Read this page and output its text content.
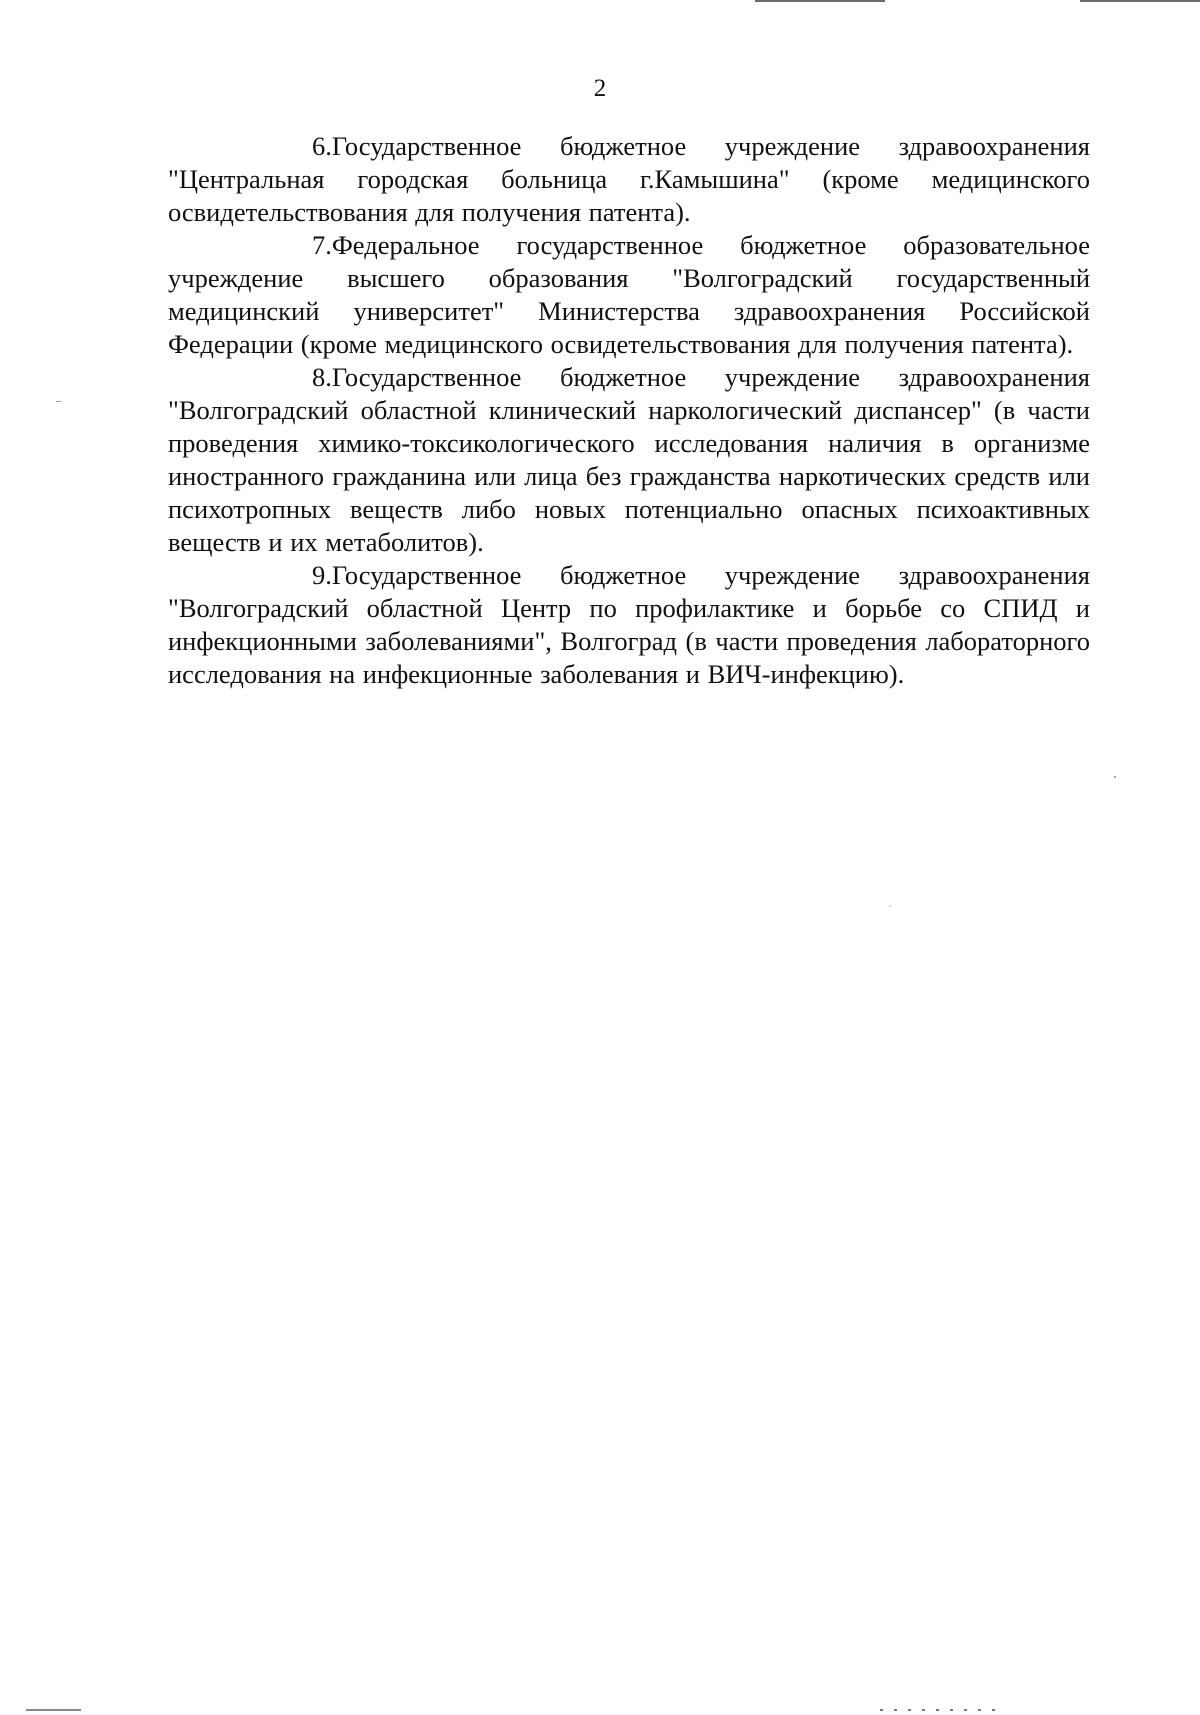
2

6.Государственное бюджетное учреждение здравоохранения "Центральная городская больница г.Камышина" (кроме медицинского освидетельствования для получения патента).

7.Федеральное государственное бюджетное образовательное учреждение высшего образования "Волгоградский государственный медицинский университет" Министерства здравоохранения Российской Федерации (кроме медицинского освидетельствования для получения патента).

8.Государственное бюджетное учреждение здравоохранения "Волгоградский областной клинический наркологический диспансер" (в части проведения химико-токсикологического исследования наличия в организме иностранного гражданина или лица без гражданства наркотических средств или психотропных веществ либо новых потенциально опасных психоактивных веществ и их метаболитов).

9.Государственное бюджетное учреждение здравоохранения "Волгоградский областной Центр по профилактике и борьбе со СПИД и инфекционными заболеваниями", Волгоград (в части проведения лабораторного исследования на инфекционные заболевания и ВИЧ-инфекцию).
